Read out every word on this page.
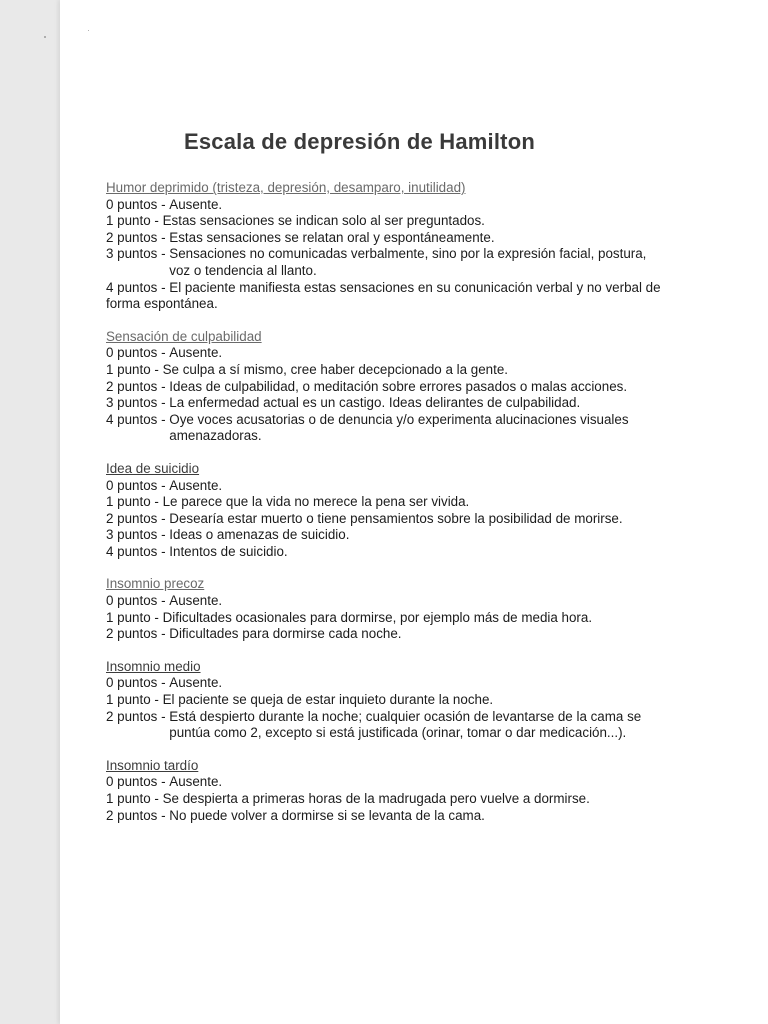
Escala de depresión de Hamilton
Humor deprimido (tristeza, depresión, desamparo, inutilidad)
0 puntos - Ausente.
1 punto - Estas sensaciones se indican solo al ser preguntados.
2 puntos - Estas sensaciones se relatan oral y espontáneamente.
3 puntos - Sensaciones no comunicadas verbalmente, sino por la expresión facial, postura, voz o tendencia al llanto.
4 puntos - El paciente manifiesta estas sensaciones en su conunicación verbal y no verbal de forma espontánea.
Sensación de culpabilidad
0 puntos - Ausente.
1 punto - Se culpa a sí mismo, cree haber decepcionado a la gente.
2 puntos - Ideas de culpabilidad, o meditación sobre errores pasados o malas acciones.
3 puntos - La enfermedad actual es un castigo. Ideas delirantes de culpabilidad.
4 puntos - Oye voces acusatorias o de denuncia y/o experimenta alucinaciones visuales amenazadoras.
Idea de suicidio
0 puntos - Ausente.
1 punto - Le parece que la vida no merece la pena ser vivida.
2 puntos - Desearía estar muerto o tiene pensamientos sobre la posibilidad de morirse.
3 puntos - Ideas o amenazas de suicidio.
4 puntos - Intentos de suicidio.
Insomnio precoz
0 puntos - Ausente.
1 punto - Dificultades ocasionales para dormirse, por ejemplo más de media hora.
2 puntos - Dificultades para dormirse cada noche.
Insomnio medio
0 puntos - Ausente.
1 punto - El paciente se queja de estar inquieto durante la noche.
2 puntos - Está despierto durante la noche; cualquier ocasión de levantarse de la cama se puntúa como 2, excepto si está justificada (orinar, tomar o dar medicación...).
Insomnio tardío
0 puntos - Ausente.
1 punto - Se despierta a primeras horas de la madrugada pero vuelve a dormirse.
2 puntos - No puede volver a dormirse si se levanta de la cama.
